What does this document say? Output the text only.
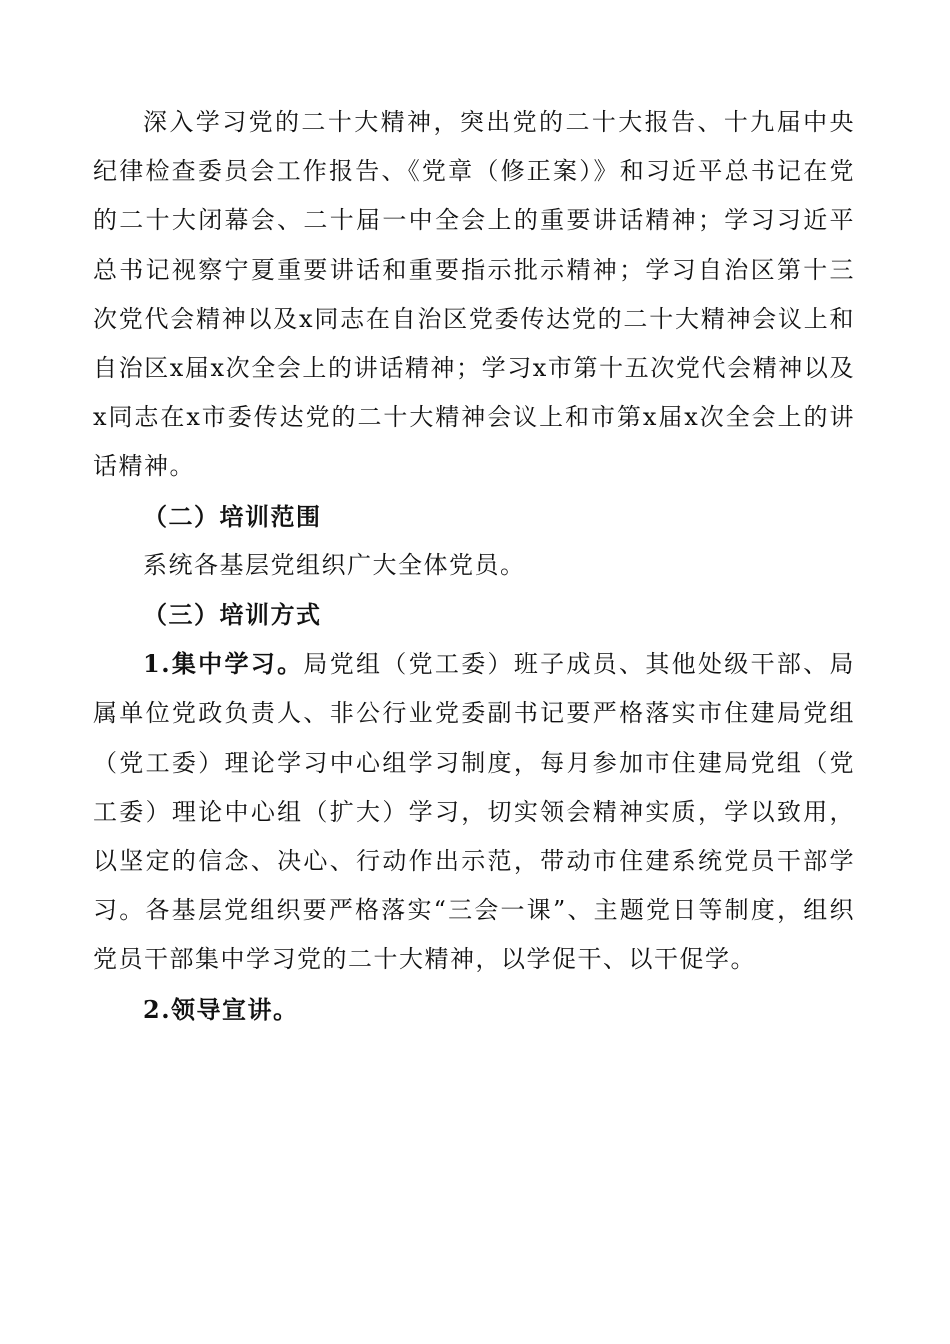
深入学习党的二十大精神，突出党的二十大报告、十九届中央纪律检查委员会工作报告、《党章（修正案）》和习近平总书记在党的二十大闭幕会、二十届一中全会上的重要讲话精神；学习习近平总书记视察宁夏重要讲话和重要指示批示精神；学习自治区第十三次党代会精神以及x同志在自治区党委传达党的二十大精神会议上和自治区x届x次全会上的讲话精神；学习x市第十五次党代会精神以及x同志在x市委传达党的二十大精神会议上和市第x届x次全会上的讲话精神。

（二）培训范围

系统各基层党组织广大全体党员。

（三）培训方式

1.集中学习。局党组（党工委）班子成员、其他处级干部、局属单位党政负责人、非公行业党委副书记要严格落实市住建局党组（党工委）理论学习中心组学习制度，每月参加市住建局党组（党工委）理论中心组（扩大）学习，切实领会精神实质，学以致用，以坚定的信念、决心、行动作出示范，带动市住建系统党员干部学习。各基层党组织要严格落实“三会一课”、主题党日等制度，组织党员干部集中学习党的二十大精神，以学促干、以干促学。

2.领导宣讲。
